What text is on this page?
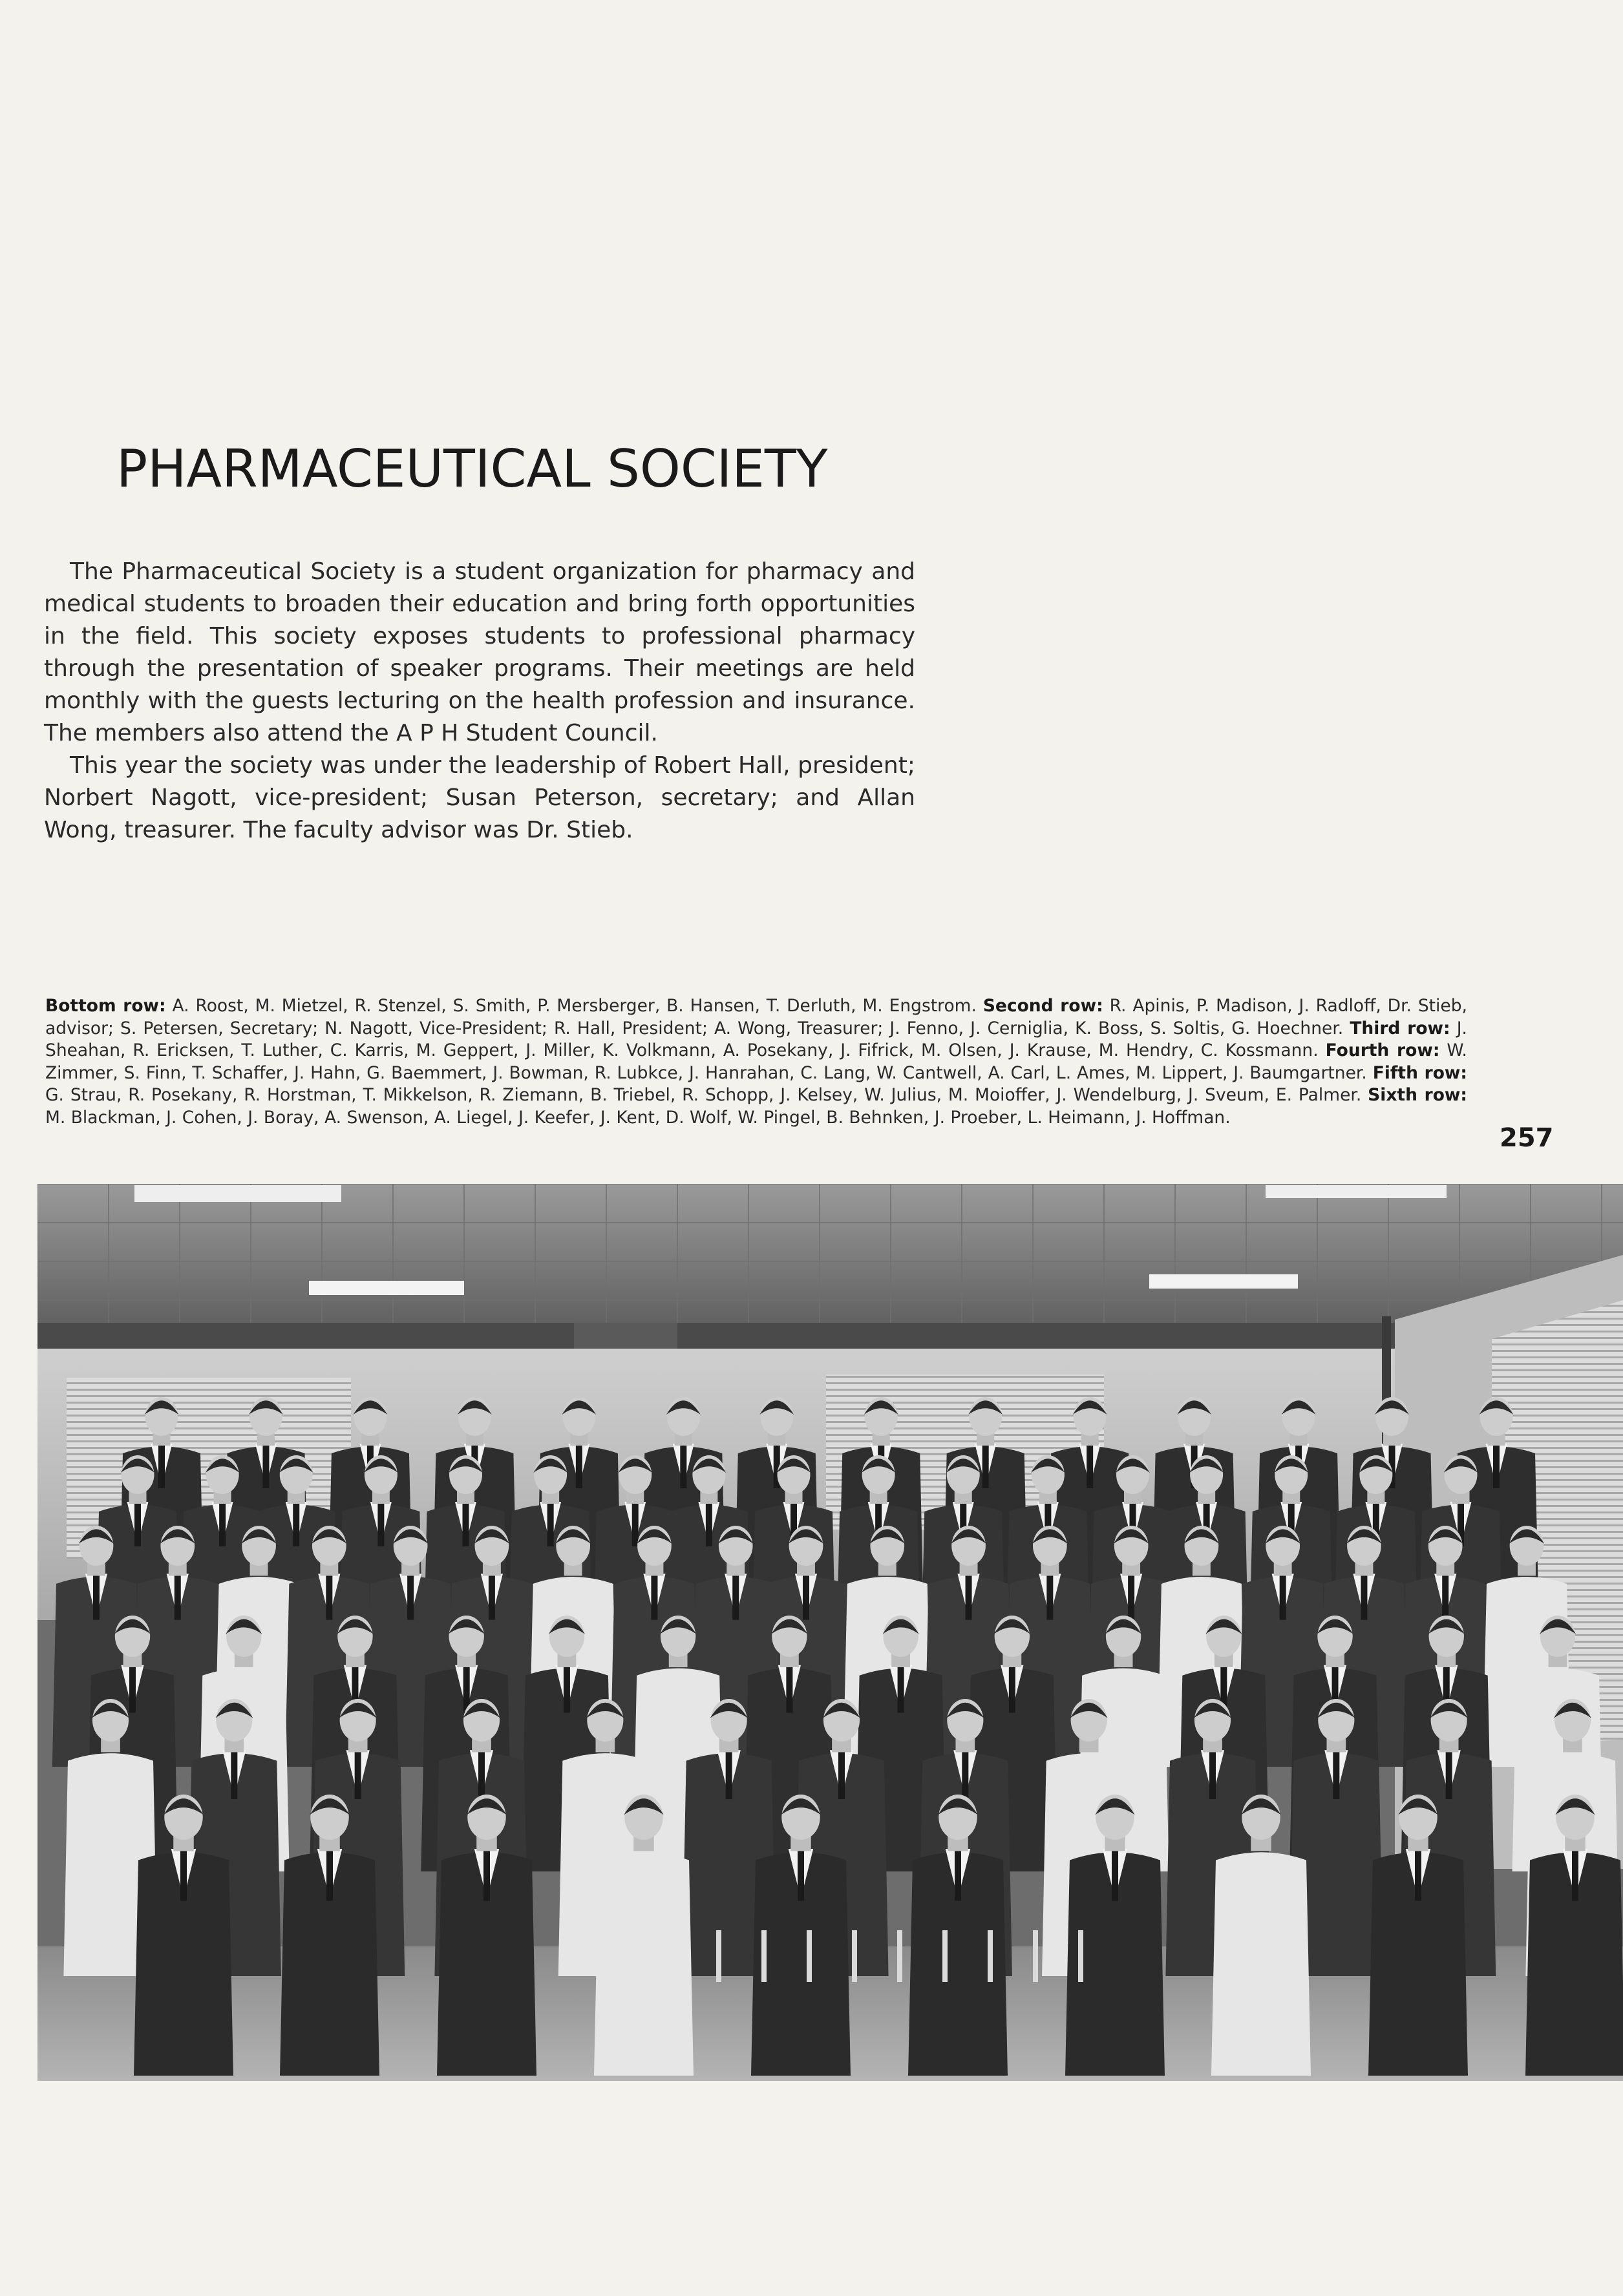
PHARMACEUTICAL SOCIETY

The Pharmaceutical Society is a student organization for pharmacy and medical students to broaden their education and bring forth opportunities in the field. This society exposes students to professional pharmacy through the presentation of speaker programs. Their meetings are held monthly with the guests lecturing on the health profession and insurance. The members also attend the A P H Student Council.

This year the society was under the leadership of Robert Hall, president; Norbert Nagott, vice-president; Susan Peterson, secretary; and Allan Wong, treasurer. The faculty advisor was Dr. Stieb.

Bottom row: A. Roost, M. Mietzel, R. Stenzel, S. Smith, P. Mersberger, B. Hansen, T. Derluth, M. Engstrom. Second row: R. Apinis, P. Madison, J. Radloff, Dr. Stieb, advisor; S. Petersen, Secretary; N. Nagott, Vice-President; R. Hall, President; A. Wong, Treasurer; J. Fenno, J. Cerniglia, K. Boss, S. Soltis, G. Hoechner. Third row: J. Sheahan, R. Ericksen, T. Luther, C. Karris, M. Geppert, J. Miller, K. Volkmann, A. Posekany, J. Fifrick, M. Olsen, J. Krause, M. Hendry, C. Kossmann. Fourth row: W. Zimmer, S. Finn, T. Schaffer, J. Hahn, G. Baemmert, J. Bowman, R. Lubkce, J. Hanrahan, C. Lang, W. Cantwell, A. Carl, L. Ames, M. Lippert, J. Baumgartner. Fifth row: G. Strau, R. Posekany, R. Horstman, T. Mikkelson, R. Ziemann, B. Triebel, R. Schopp, J. Kelsey, W. Julius, M. Moioffer, J. Wendelburg, J. Sveum, E. Palmer. Sixth row: M. Blackman, J. Cohen, J. Boray, A. Swenson, A. Liegel, J. Keefer, J. Kent, D. Wolf, W. Pingel, B. Behnken, J. Proeber, L. Heimann, J. Hoffman.
257
